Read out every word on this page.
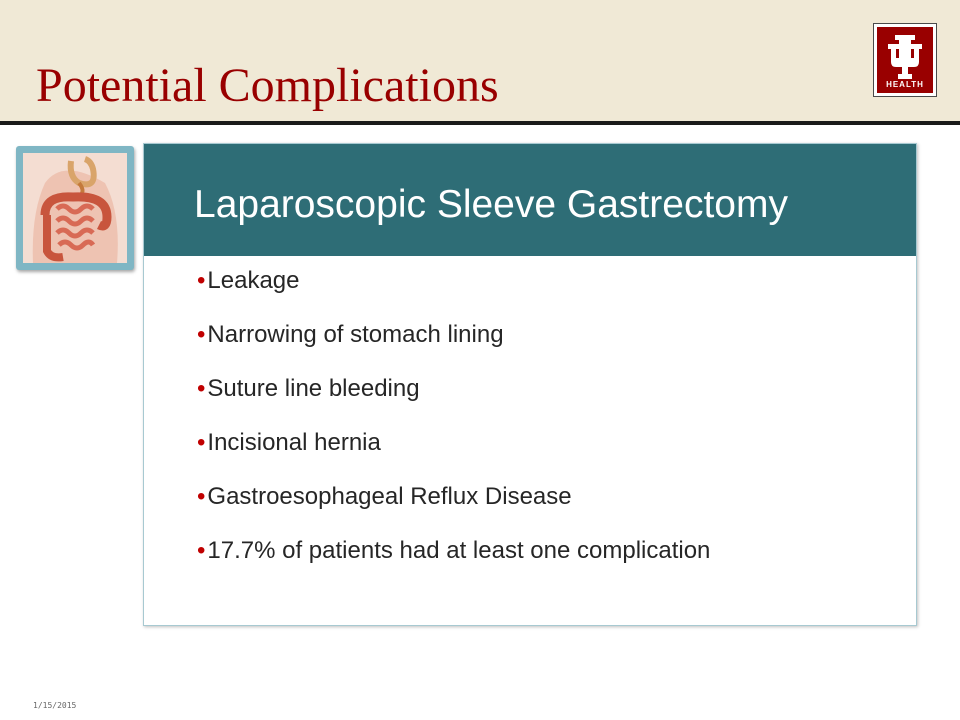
Potential Complications	HEALTH
Laparoscopic Sleeve Gastrectomy
•Leakage
•Narrowing of stomach lining
•Suture line bleeding
•Incisional hernia
•Gastroesophageal Reflux Disease
•17.7% of patients had at least one complication
1/15/2015
